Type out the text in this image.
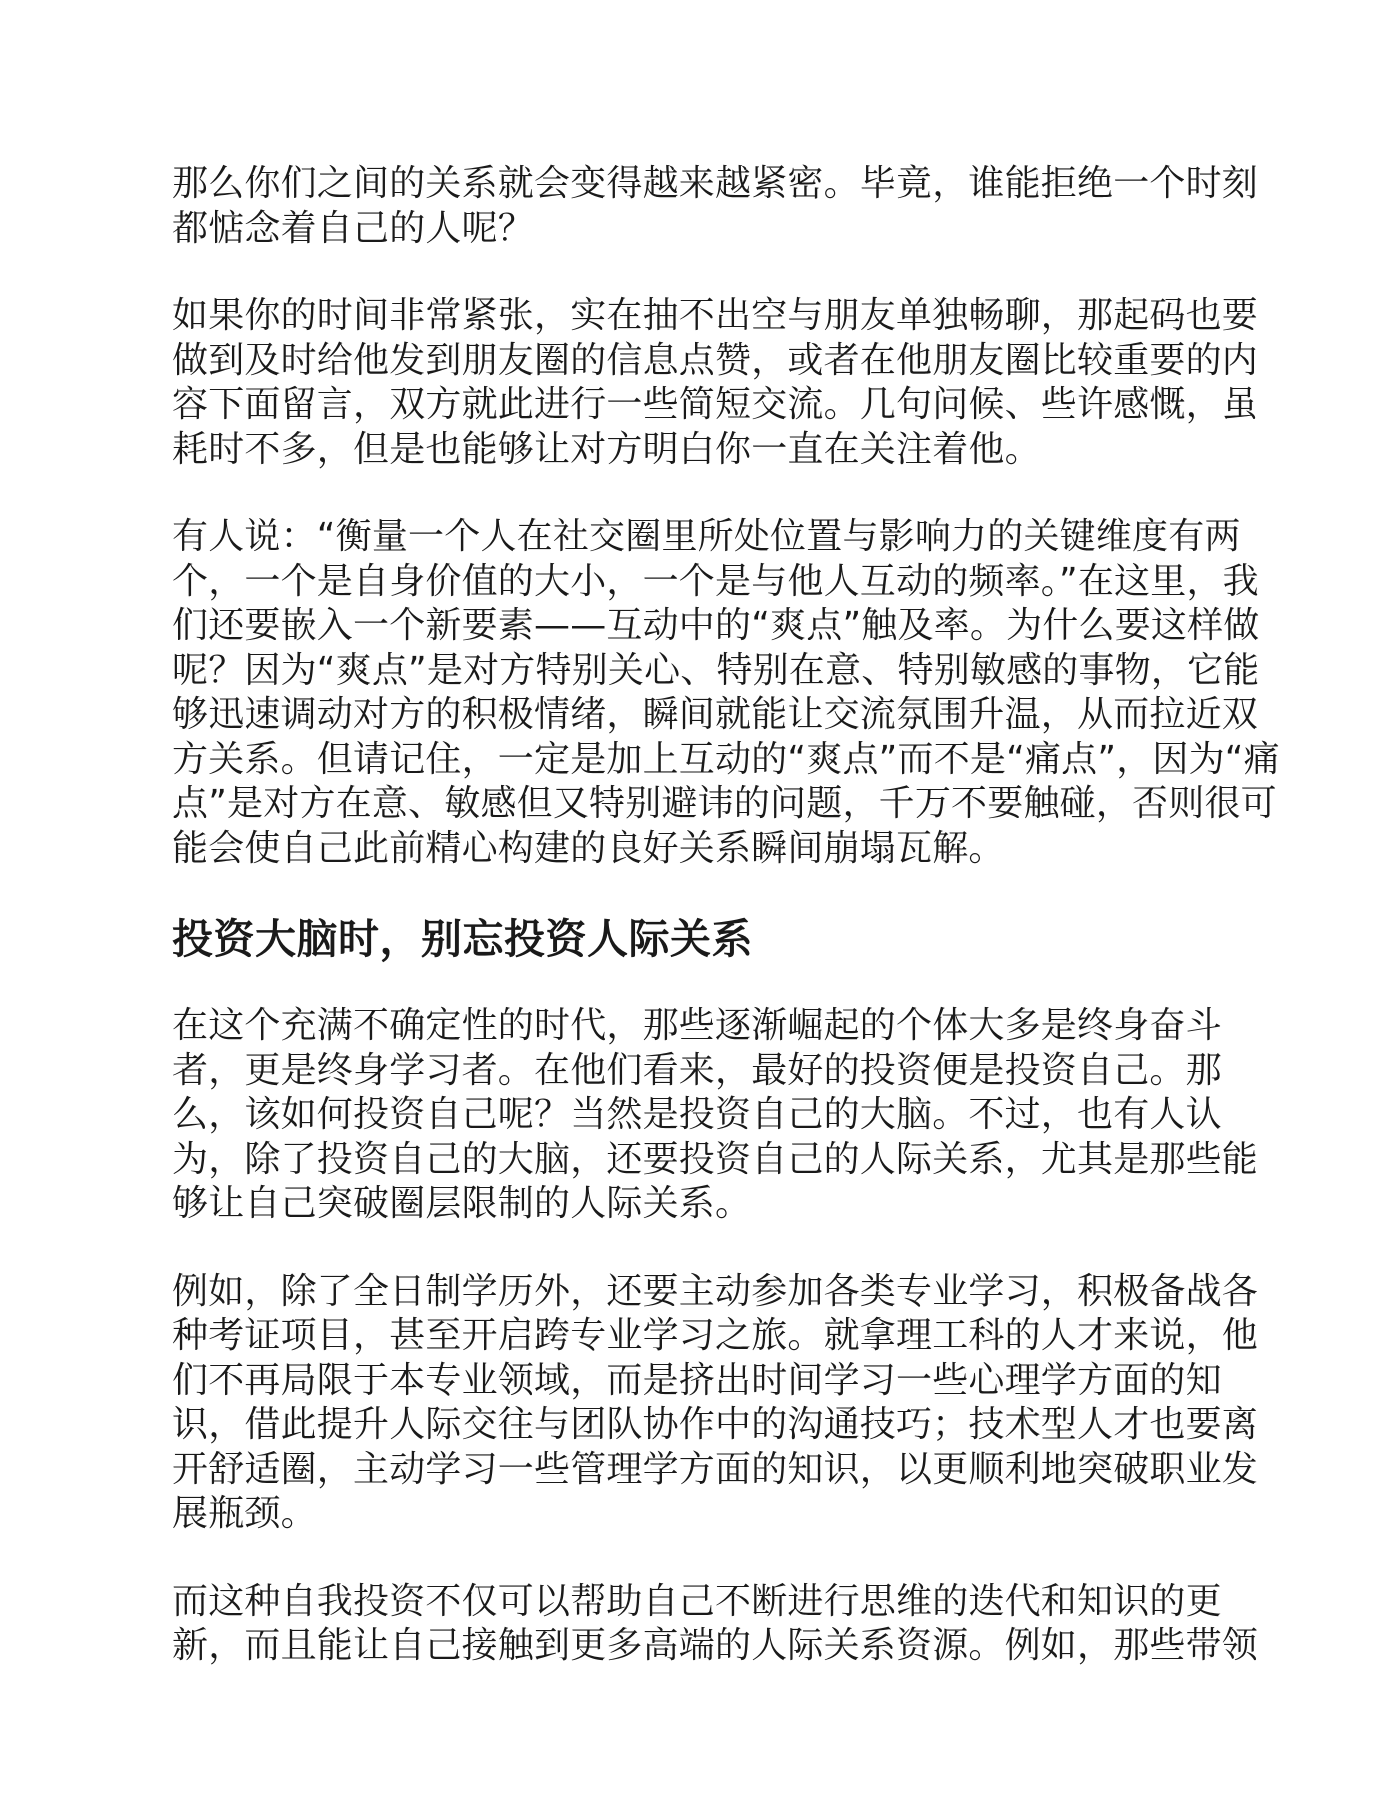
那么你们之间的关系就会变得越来越紧密。毕竟，谁能拒绝一个时刻
都惦念着自己的人呢？

如果你的时间非常紧张，实在抽不出空与朋友单独畅聊，那起码也要
做到及时给他发到朋友圈的信息点赞，或者在他朋友圈比较重要的内
容下面留言，双方就此进行一些简短交流。几句问候、些许感慨，虽
耗时不多，但是也能够让对方明白你一直在关注着他。

有人说：“衡量一个人在社交圈里所处位置与影响力的关键维度有两
个，一个是自身价值的大小，一个是与他人互动的频率。”在这里，我
们还要嵌入一个新要素——互动中的“爽点”触及率。为什么要这样做
呢？因为“爽点”是对方特别关心、特别在意、特别敏感的事物，它能
够迅速调动对方的积极情绪，瞬间就能让交流氛围升温，从而拉近双
方关系。但请记住，一定是加上互动的“爽点”而不是“痛点”，因为“痛
点”是对方在意、敏感但又特别避讳的问题，千万不要触碰，否则很可
能会使自己此前精心构建的良好关系瞬间崩塌瓦解。

投资大脑时，别忘投资人际关系

在这个充满不确定性的时代，那些逐渐崛起的个体大多是终身奋斗
者，更是终身学习者。在他们看来，最好的投资便是投资自己。那
么，该如何投资自己呢？当然是投资自己的大脑。不过，也有人认
为，除了投资自己的大脑，还要投资自己的人际关系，尤其是那些能
够让自己突破圈层限制的人际关系。

例如，除了全日制学历外，还要主动参加各类专业学习，积极备战各
种考证项目，甚至开启跨专业学习之旅。就拿理工科的人才来说，他
们不再局限于本专业领域，而是挤出时间学习一些心理学方面的知
识，借此提升人际交往与团队协作中的沟通技巧；技术型人才也要离
开舒适圈，主动学习一些管理学方面的知识，以更顺利地突破职业发
展瓶颈。

而这种自我投资不仅可以帮助自己不断进行思维的迭代和知识的更
新，而且能让自己接触到更多高端的人际关系资源。例如，那些带领
